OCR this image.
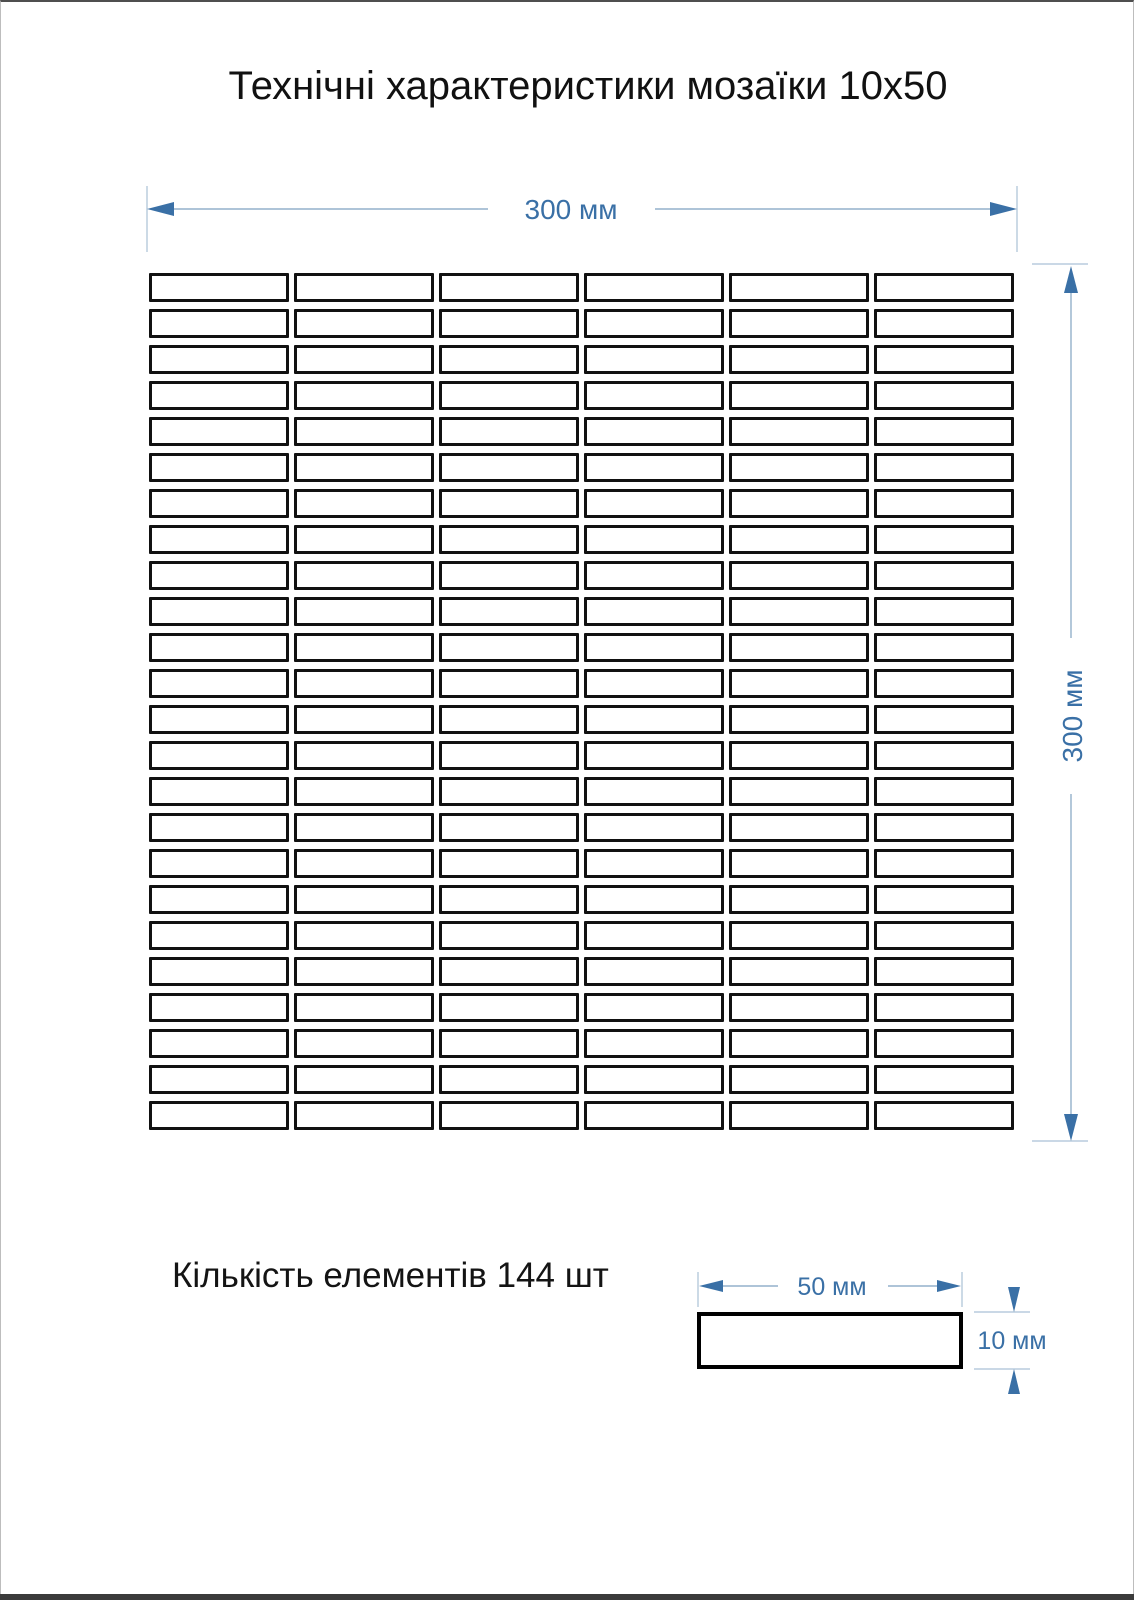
Технічні характеристики мозаїки 10х50
Кількість елементів 144 шт
300 мм
300 мм
50 мм
10 мм
